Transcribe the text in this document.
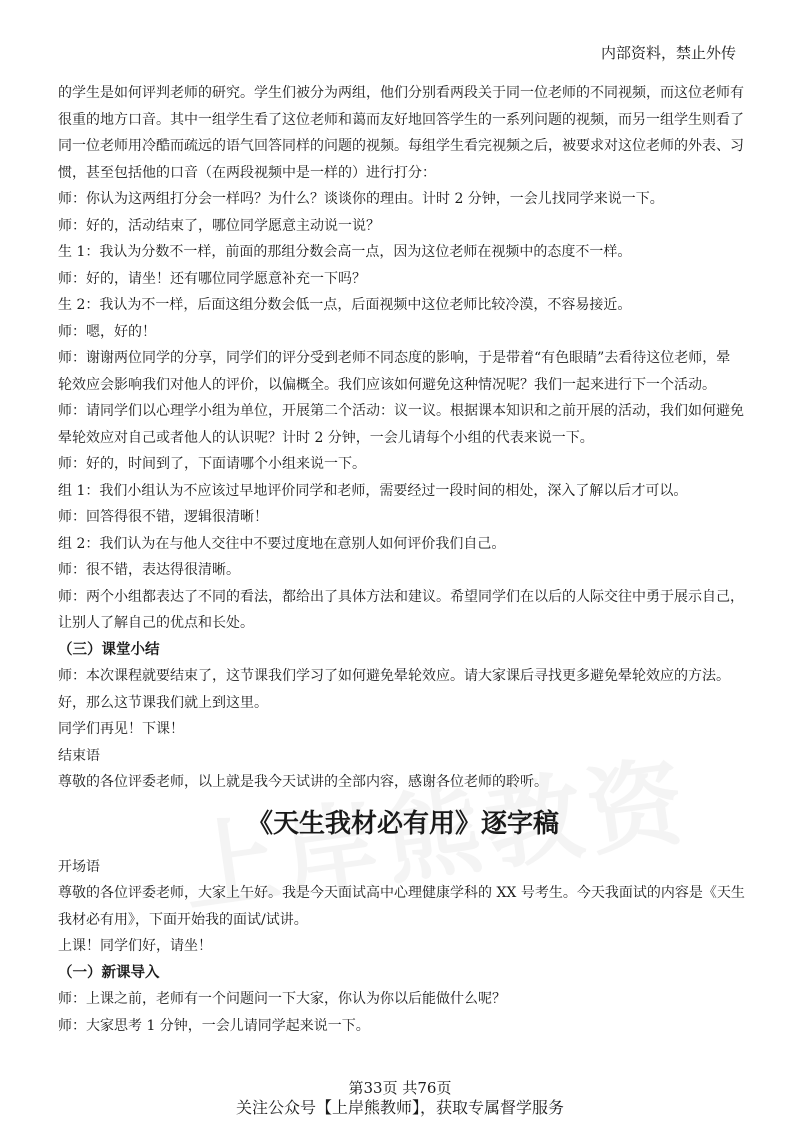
内部资料，禁止外传
的学生是如何评判老师的研究。学生们被分为两组，他们分别看两段关于同一位老师的不同视频，而这位老师有
很重的地方口音。其中一组学生看了这位老师和蔼而友好地回答学生的一系列问题的视频，而另一组学生则看了
同一位老师用冷酷而疏远的语气回答同样的问题的视频。每组学生看完视频之后，被要求对这位老师的外表、习
惯，甚至包括他的口音（在两段视频中是一样的）进行打分：
师：你认为这两组打分会一样吗？为什么？谈谈你的理由。计时 2 分钟，一会儿找同学来说一下。
师：好的，活动结束了，哪位同学愿意主动说一说？
生 1：我认为分数不一样，前面的那组分数会高一点，因为这位老师在视频中的态度不一样。
师：好的，请坐！还有哪位同学愿意补充一下吗？
生 2：我认为不一样，后面这组分数会低一点，后面视频中这位老师比较冷漠，不容易接近。
师：嗯，好的！
师：谢谢两位同学的分享，同学们的评分受到老师不同态度的影响，于是带着“有色眼睛”去看待这位老师，晕
轮效应会影响我们对他人的评价，以偏概全。我们应该如何避免这种情况呢？我们一起来进行下一个活动。
师：请同学们以心理学小组为单位，开展第二个活动：议一议。根据课本知识和之前开展的活动，我们如何避免
晕轮效应对自己或者他人的认识呢？计时 2 分钟，一会儿请每个小组的代表来说一下。
师：好的，时间到了，下面请哪个小组来说一下。
组 1：我们小组认为不应该过早地评价同学和老师，需要经过一段时间的相处，深入了解以后才可以。
师：回答得很不错，逻辑很清晰！
组 2：我们认为在与他人交往中不要过度地在意别人如何评价我们自己。
师：很不错，表达得很清晰。
师：两个小组都表达了不同的看法，都给出了具体方法和建议。希望同学们在以后的人际交往中勇于展示自己，
让别人了解自己的优点和长处。
（三）课堂小结
师：本次课程就要结束了，这节课我们学习了如何避免晕轮效应。请大家课后寻找更多避免晕轮效应的方法。
好，那么这节课我们就上到这里。
同学们再见！下课！
结束语
尊敬的各位评委老师，以上就是我今天试讲的全部内容，感谢各位老师的聆听。
《天生我材必有用》逐字稿
开场语
尊敬的各位评委老师，大家上午好。我是今天面试高中心理健康学科的 XX 号考生。今天我面试的内容是《天生
我材必有用》，下面开始我的面试/试讲。
上课！同学们好，请坐！
（一）新课导入
师：上课之前，老师有一个问题问一下大家，你认为你以后能做什么呢？
师：大家思考 1 分钟，一会儿请同学起来说一下。
第33页 共76页
关注公众号【上岸熊教师】，获取专属督学服务
